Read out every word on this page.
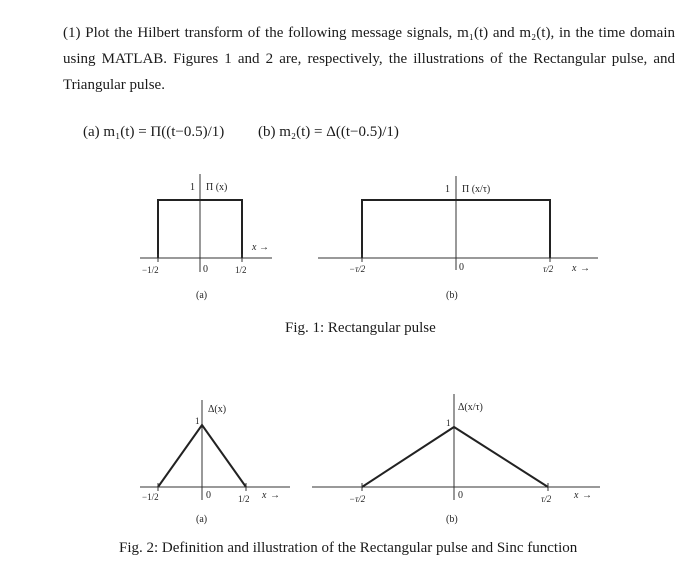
(1) Plot the Hilbert transform of the following message signals, m₁(t) and m₂(t), in the time domain using MATLAB. Figures 1 and 2 are, respectively, the illustrations of the Rectangular pulse, and Triangular pulse.
(a) m₁(t) = Π((t−0.5)/1) (b) m₂(t) = Δ((t−0.5)/1)
1 Π (x)
0
−1/2	1/2
x →
(a)
1 Π (x/τ)
0
−τ/2	τ/2 x →
(b)
Fig. 1: Rectangular pulse
Δ(x)
1
0
−1/2	1/2 x →
(a)
Δ(x/τ)
1
0
−τ/2	τ/2 x →
(b)
Fig. 2: Definition and illustration of the Rectangular pulse and Sinc function
